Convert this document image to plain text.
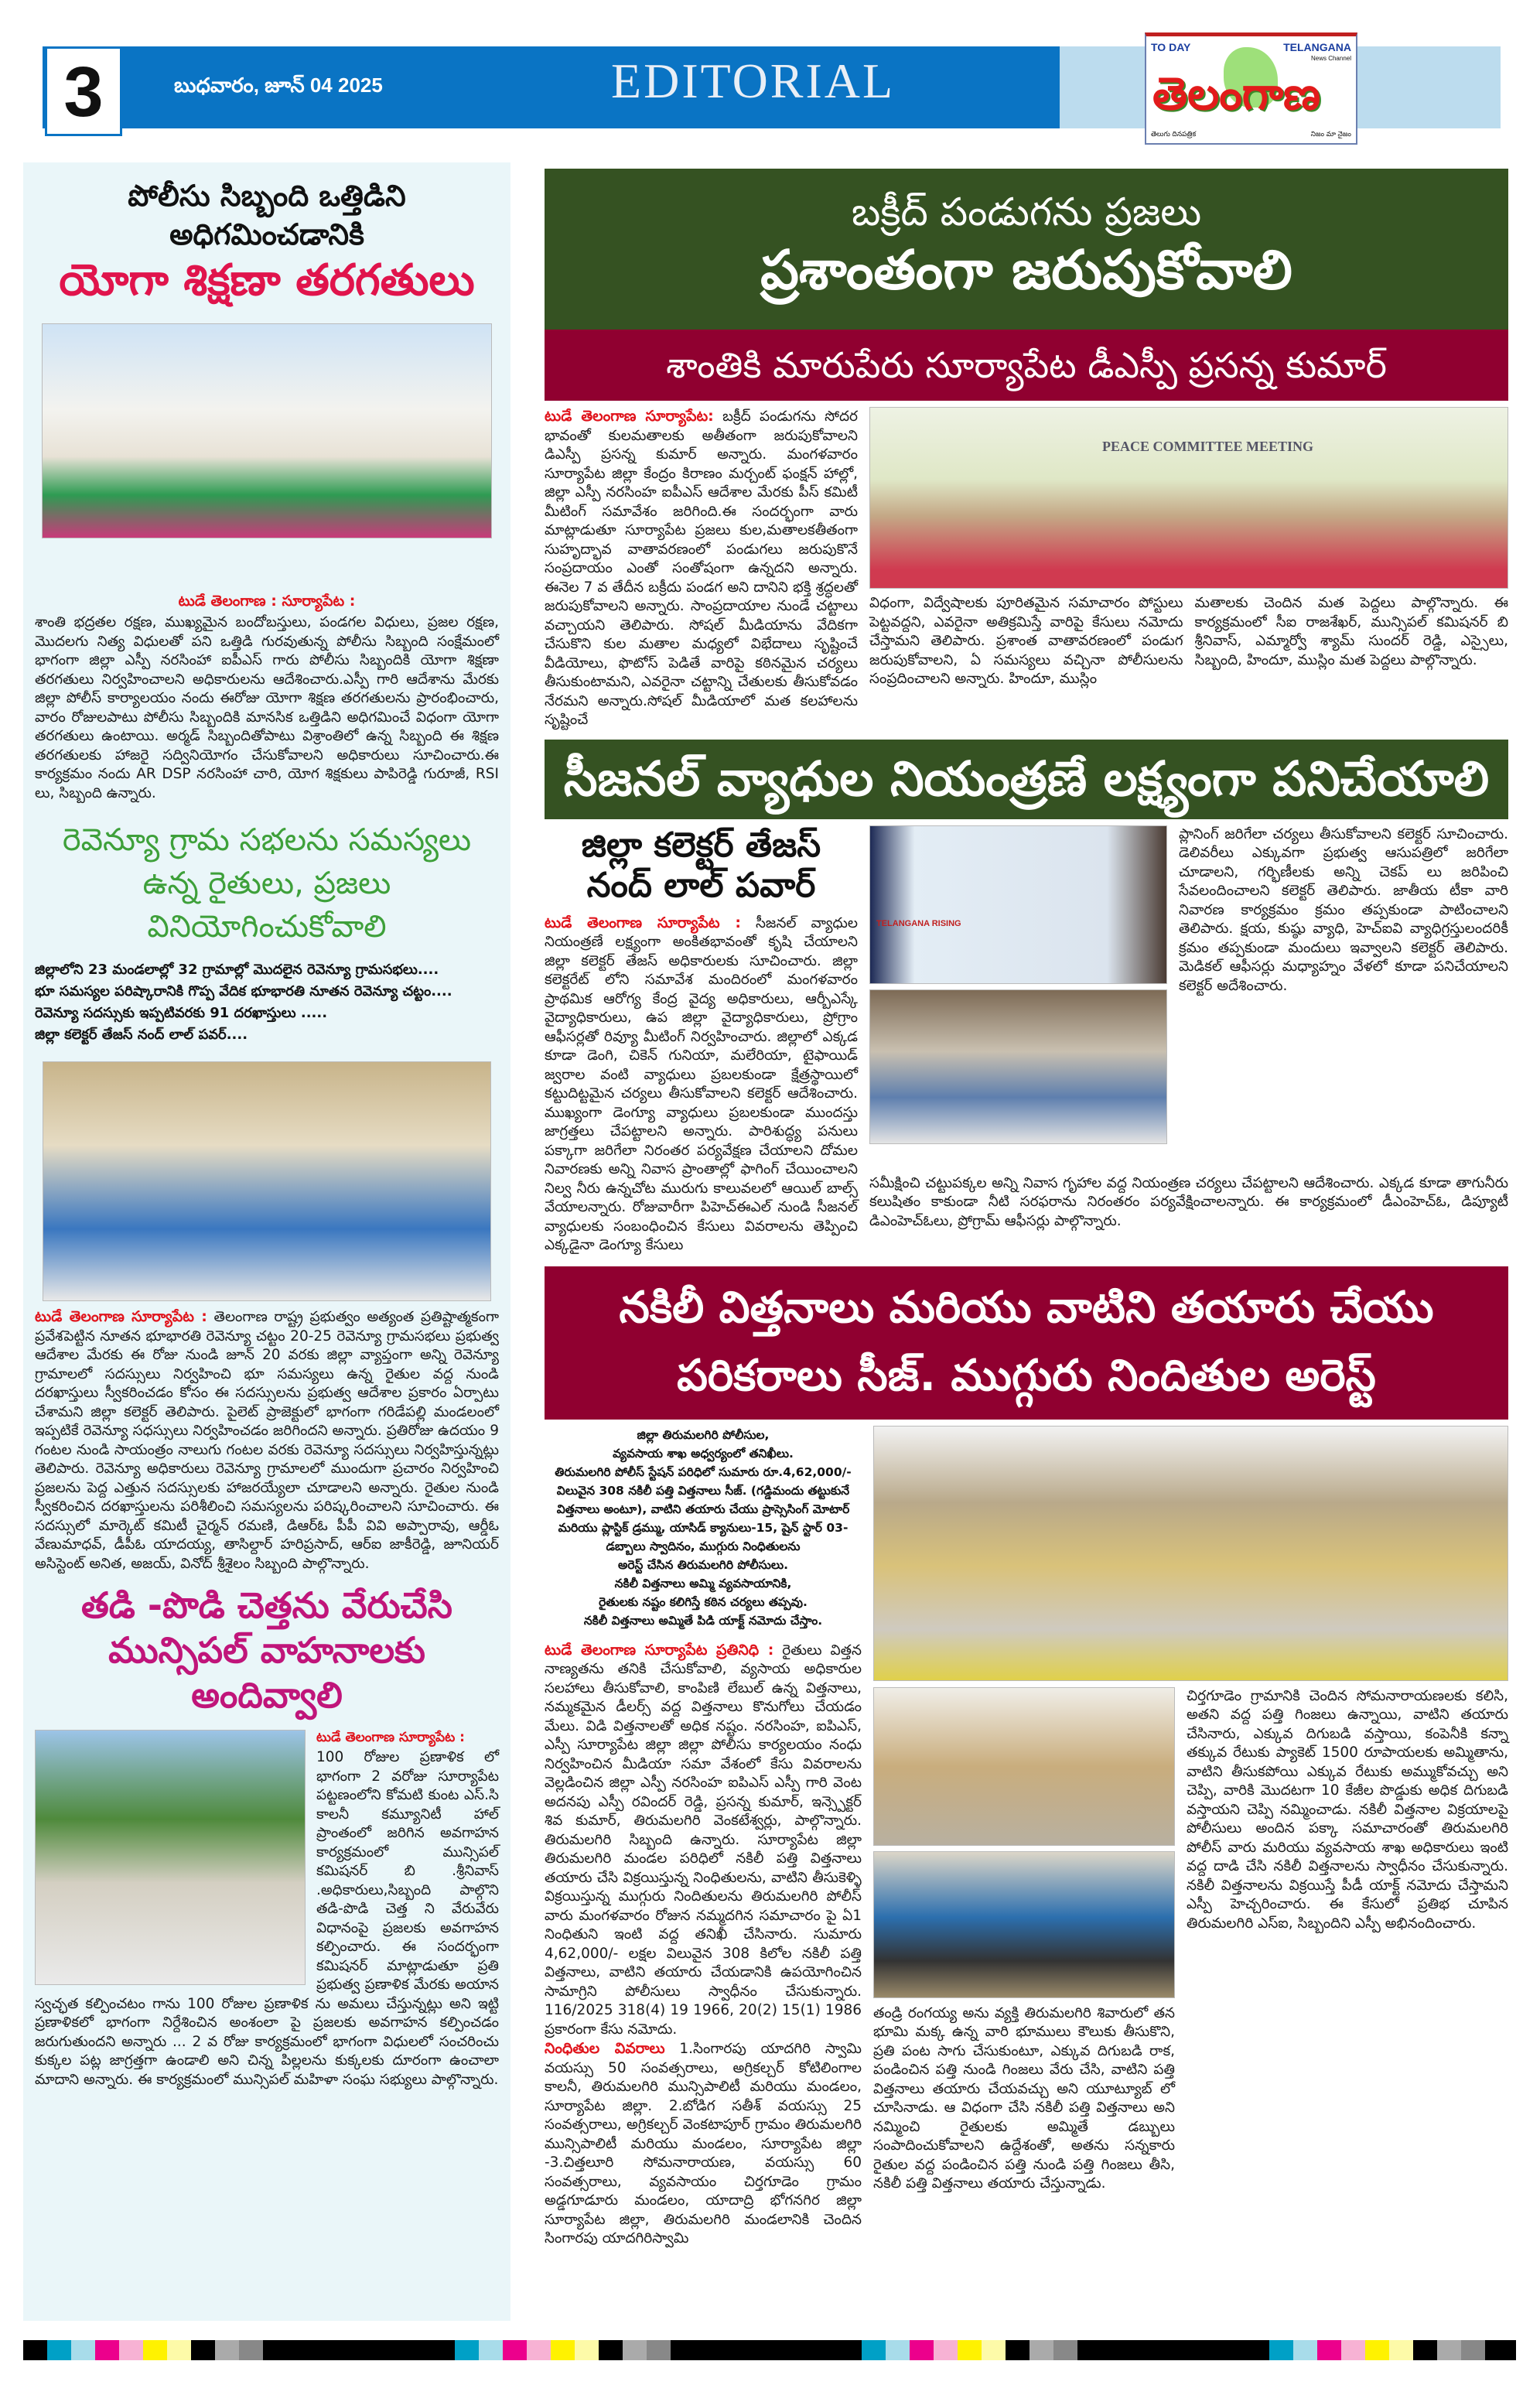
3	బుధవారం, జూన్ 04 2025	EDITORIAL
TO DAY	TELANGANA
News Channel
తెలంగాణ
తెలుగు దినపత్రిక	నిజం మా నైజం
పోలీసు సిబ్బంది ఒత్తిడిని అధిగమించడానికి
యోగా శిక్షణా తరగతులు
టుడే తెలంగాణ : సూర్యాపేట :
శాంతి భద్రతల రక్షణ, ముఖ్యమైన బందోబస్తులు, పండగల విధులు, ప్రజల రక్షణ, మొదలగు నిత్య విధులతో పని ఒత్తిడి గురవుతున్న పోలీసు సిబ్బంది సంక్షేమంలో భాగంగా జిల్లా ఎస్పీ నరసింహా ఐపీఎస్ గారు పోలీసు సిబ్బందికి యోగా శిక్షణా తరగతులు నిర్వహించాలని అధికారులను ఆదేశించారు.ఎస్పీ గారి ఆదేశాను మేరకు జిల్లా పోలీస్ కార్యాలయం నందు ఈరోజు యోగా శిక్షణ తరగతులను ప్రారంభించారు, వారం రోజులపాటు పోలీసు సిబ్బందికి మానసిక ఒత్తిడిని అధిగమించే విధంగా యోగా తరగతులు ఉంటాయి. అర్మడ్ సిబ్బందితోపాటు విశ్రాంతిలో ఉన్న సిబ్బంది ఈ శిక్షణ తరగతులకు హాజరై సద్వినియోగం చేసుకోవాలని అధికారులు సూచించారు.ఈ కార్యక్రమం నందు AR DSP నరసింహా చారి, యోగ శిక్షకులు పాపిరెడ్డి గురూజీ, RSI లు, సిబ్బంది ఉన్నారు.
రెవెన్యూ గ్రామ సభలను సమస్యలు ఉన్న రైతులు, ప్రజలు వినియోగించుకోవాలి
జిల్లాలోని 23 మండలాల్లో 32 గ్రామాల్లో మొదలైన రెవెన్యూ గ్రామసభలు....
భూ సమస్యల పరిష్కారానికి గొప్ప వేదిక భూభారతి నూతన రెవెన్యూ చట్టం....
రెవెన్యూ సదస్సుకు ఇప్పటివరకు 91 దరఖాస్తులు .....
జిల్లా కలెక్టర్ తేజస్ నంద్ లాల్ పవర్....
టుడే తెలంగాణ సూర్యాపేట : తెలంగాణ రాష్ట్ర ప్రభుత్వం అత్యంత ప్రతిష్టాత్మకంగా ప్రవేశపెట్టిన నూతన భూభారతి రెవెన్యూ చట్టం 20-25 రెవెన్యూ గ్రామసభలు ప్రభుత్వ ఆదేశాల మేరకు ఈ రోజు నుండి జూన్ 20 వరకు జిల్లా వ్యాప్తంగా అన్ని రెవెన్యూ గ్రామాలలో సదస్సులు నిర్వహించి భూ సమస్యలు ఉన్న రైతుల వద్ద నుండి దరఖాస్తులు స్వీకరించడం కోసం ఈ సదస్సులను ప్రభుత్వ ఆదేశాల ప్రకారం ఏర్పాటు చేశామని జిల్లా కలెక్టర్ తెలిపారు. పైలెట్ ప్రాజెక్టులో భాగంగా గరిడేపల్లి మండలంలో ఇప్పటికే రెవెన్యూ సధస్సులు నిర్వహించడం జరిగిందని అన్నారు. ప్రతిరోజు ఉదయం 9 గంటల నుండి సాయంత్రం నాలుగు గంటల వరకు రెవెన్యూ సదస్సులు నిర్వహిస్తున్నట్లు తెలిపారు. రెవెన్యూ అధికారులు రెవెన్యూ గ్రామాలలో ముందుగా ప్రచారం నిర్వహించి ప్రజలను పెద్ద ఎత్తున సదస్సులకు హాజరయ్యేలా చూడాలని అన్నారు. రైతుల నుండి స్వీకరించిన దరఖాస్తులను పరిశీలించి సమస్యలను పరిష్కరించాలని సూచించారు. ఈ సదస్సులో మార్కెట్ కమిటీ చైర్మన్ రమణి, డిఆర్ఓ పీపీ వివి అప్పారావు, ఆర్డీఓ వేణుమాధవ్, డీపీఓ యాదయ్య, తాసిల్దార్ హరిప్రసాద్, ఆర్ఐ జాకీరెడ్డి, జూనియర్ అసిస్టెంట్ అనిత, అజయ్, వినోద్ శ్రీశైలం సిబ్బంది పాల్గొన్నారు.
తడి -పొడి చెత్తను వేరుచేసి మున్సిపల్ వాహనాలకు అందివ్వాలి
టుడే తెలంగాణ సూర్యాపేట :
100 రోజుల ప్రణాళిక లో భాగంగా 2 వరోజు సూర్యాపేట పట్టణంలోని కోమటి కుంట ఎస్.సి కాలనీ కమ్యూనిటీ హాల్ ప్రాంతంలో జరిగిన అవగాహన కార్యక్రమంలో మున్సిపల్ కమిషనర్ బి .శ్రీనివాస్ .అధికారులు,సిబ్బంది పాల్గొని తడి-పొడి చెత్త ని వేరువేరు విధానంపై ప్రజలకు అవగాహన కల్పించారు. ఈ సందర్భంగా కమిషనర్ మాట్లాడుతూ ప్రతి ప్రభుత్వ ప్రణాళిక మేరకు అయాన స్వచ్ఛత కల్పించటం గాను 100 రోజుల ప్రణాళిక ను అమలు చేస్తున్నట్లు అని ఇట్టి ప్రణాళికలో భాగంగా నిర్దేశించిన అంశంలా పై ప్రజలకు అవగాహన కల్పించడం జరుగుతుందని అన్నారు ... 2 వ రోజు కార్యక్రమంలో భాగంగా విధులలో సంచరించు కుక్కల పట్ల జాగ్రత్తగా ఉండాలి అని చిన్న పిల్లలను కుక్కలకు దూరంగా ఉంచాలా మాదాని అన్నారు. ఈ కార్యక్రమంలో మున్సిపల్ మహిళా సంఘ సభ్యులు పాల్గొన్నారు.
బక్రీద్ పండుగను ప్రజలు
ప్రశాంతంగా జరుపుకోవాలి
శాంతికి మారుపేరు సూర్యాపేట డీఎస్పీ ప్రసన్న కుమార్
టుడే తెలంగాణ సూర్యాపేట: బక్రీద్ పండుగను సోదర భావంతో కులమతాలకు అతీతంగా జరుపుకోవాలని డిఎస్పీ ప్రసన్న కుమార్ అన్నారు. మంగళవారం సూర్యాపేట జిల్లా కేంద్రం కిరాణం మర్చంట్ ఫంక్షన్ హాల్లో, జిల్లా ఎస్పీ నరసింహ ఐపీఎస్ ఆదేశాల మేరకు పీస్ కమిటీ మీటింగ్ సమావేశం జరిగింది.ఈ సందర్భంగా వారు మాట్లాడుతూ సూర్యాపేట ప్రజలు కుల,మతాలకతీతంగా సుహృద్భావ వాతావరణంలో పండుగలు జరుపుకొనే సంప్రదాయం ఎంతో సంతోషంగా ఉన్నదని అన్నారు. ఈనెల 7 వ తేదీన బక్రీదు పండగ అని దానిని భక్తి శ్రద్ధలతో జరుపుకోవాలని అన్నారు. సాంప్రదాయాల నుండే చట్టాలు వచ్చాయని తెలిపారు. సోషల్ మీడియాను వేదికగా చేసుకొని కుల మతాల మధ్యలో విభేదాలు సృష్టించే వీడియోలు, ఫొటోస్ పెడితే వారిపై కఠినమైన చర్యలు తీసుకుంటామని, ఎవరైనా చట్టాన్ని చేతులకు తీసుకోవడం నేరమని అన్నారు.సోషల్ మీడియాలో మత కలహాలను సృష్టించే
PEACE COMMITTEE MEETING
విధంగా, విద్వేషాలకు పూరితమైన సమాచారం పోస్టులు పెట్టవద్దని, ఎవరైనా అతిక్రమిస్తే వారిపై కేసులు నమోదు చేస్తామని తెలిపారు. ప్రశాంత వాతావరణంలో పండుగ జరుపుకోవాలని, ఏ సమస్యలు వచ్చినా పోలీసులను సంప్రదించాలని అన్నారు. హిందూ, ముస్లిం
మతాలకు చెందిన మత పెద్దలు పాల్గొన్నారు. ఈ కార్యక్రమంలో సీఐ రాజశేఖర్, మున్సిపల్ కమిషనర్ బి శ్రీనివాస్, ఎమ్మార్వో శ్యామ్ సుందర్ రెడ్డి, ఎస్సైలు, సిబ్బంది, హిందూ, ముస్లిం మత పెద్దలు పాల్గొన్నారు.
సీజనల్ వ్యాధుల నియంత్రణే లక్ష్యంగా పనిచేయాలి
జిల్లా కలెక్టర్ తేజస్ నంద్ లాల్ పవార్
టుడే తెలంగాణ సూర్యాపేట : సీజనల్ వ్యాధుల నియంత్రణే లక్ష్యంగా అంకితభావంతో కృషి చేయాలని జిల్లా కలెక్టర్ తేజస్ అధికారులకు సూచించారు. జిల్లా కలెక్టరేట్ లోని సమావేశ మందిరంలో మంగళవారం ప్రాథమిక ఆరోగ్య కేంద్ర వైద్య అధికారులు, ఆర్బీఎస్కే వైద్యాధికారులు, ఉప జిల్లా వైద్యాధికారులు, ప్రోగ్రాం ఆఫీసర్లతో రివ్యూ మీటింగ్ నిర్వహించారు. జిల్లాలో ఎక్కడ కూడా డెంగి, చికెన్ గునియా, మలేరియా, టైఫాయిడ్ జ్వరాల వంటి వ్యాధులు ప్రబలకుండా క్షేత్రస్థాయిలో కట్టుదిట్టమైన చర్యలు తీసుకోవాలని కలెక్టర్ ఆదేశించారు. ముఖ్యంగా డెంగ్యూ వ్యాధులు ప్రబలకుండా ముందస్తు జాగ్రత్తలు చేపట్టాలని అన్నారు. పారిశుద్ధ్య పనులు పక్కాగా జరిగేలా నిరంతర పర్యవేక్షణ చేయాలని దోమల నివారణకు అన్ని నివాస ప్రాంతాల్లో ఫాగింగ్ చేయించాలని నిల్వ నీరు ఉన్నచోట మురుగు కాలువలలో ఆయిల్ బాల్స్ వేయాలన్నారు. రోజువారీగా పిహెచ్ఈఎల్ నుండి సీజనల్ వ్యాధులకు సంబంధించిన కేసులు వివరాలను తెప్పించి ఎక్కడైనా డెంగ్యూ కేసులు
TELANGANA RISING
ప్లానింగ్ జరిగేలా చర్యలు తీసుకోవాలని కలెక్టర్ సూచించారు. డెలివరీలు ఎక్కువగా ప్రభుత్వ ఆసుపత్రిలో జరిగేలా చూడాలని, గర్భిణీలకు అన్ని చెకప్ లు జరిపించి సేవలందించాలని కలెక్టర్ తెలిపారు. జాతీయ టీకా వారి నివారణ కార్యక్రమం క్రమం తప్పకుండా పాటించాలని తెలిపారు. క్షయ, కుష్ఠు వ్యాధి, హెచ్ఐవి వ్యాధిగ్రస్తులందరికీ క్రమం తప్పకుండా మందులు ఇవ్వాలని కలెక్టర్ తెలిపారు. మెడికల్ ఆఫీసర్లు మధ్యాహ్నం వేళలో కూడా పనిచేయాలని కలెక్టర్ అదేశించారు.
సమీక్షించి చట్టుపక్కల అన్ని నివాస గృహాల వద్ద నియంత్రణ చర్యలు చేపట్టాలని ఆదేశించారు. ఎక్కడ కూడా తాగునీరు కలుషితం కాకుండా నీటి సరఫరాను నిరంతరం పర్యవేక్షించాలన్నారు. ఈ కార్యక్రమంలో డీఎంహెచ్ఓ, డిప్యూటీ డిఎంహెచ్ఓలు, ప్రోగ్రామ్ ఆఫీసర్లు పాల్గొన్నారు.
నకిలీ విత్తనాలు మరియు వాటిని తయారు చేయు పరికరాలు సీజ్. ముగ్గురు నిందితుల అరెస్ట్
జిల్లా తిరుమలగిరి పోలీసుల,
వ్యవసాయ శాఖ అధ్వర్యంలో తనిఖీలు.
తిరుమలగిరి పోలీస్ స్టేషన్ పరిధిలో సుమారు రూ.4,62,000/- విలువైన 308 నకిలీ పత్తి విత్తనాలు సీజ్. (గడ్డిమందు తట్టుకునే విత్తనాలు అంటూ), వాటిని తయారు చేయు ప్రాస్సెసింగ్ మోటార్ మరియు ప్లాస్టిక్ డ్రమ్ము, యాసిడ్ క్యానులు-15, షైన్ స్టార్ 03-డబ్బాలు స్వాదినం, ముగ్గురు నింధితులను
అరెస్ట్ చేసిన తిరుమలగిరి పోలీసులు.
నకిలీ విత్తనాలు అమ్మి వ్యవసాయానికి,
రైతులకు నష్టం కలిగిస్తే కఠిన చర్యలు తప్పవు.
నకిలీ విత్తనాలు అమ్మితే పిడి యాక్ట్ నమోదు చేస్తాం.
టుడే తెలంగాణ సూర్యాపేట ప్రతినిధి : రైతులు విత్తన నాణ్యతను తనికి చేసుకోవాలి, వ్యసాయ అధికారుల సలహాలు తీసుకోవాలి, కాంపిణి లేబుల్ ఉన్న విత్తనాలు, నమ్మకమైన డీలర్స్ వద్ద విత్తనాలు కొనుగోలు చేయడం మేలు. విడి విత్తనాలతో అధిక నష్టం. నరసింహ, ఐపిఎస్, ఎస్పీ సూర్యాపేట జిల్లా జిల్లా పోలీసు కార్యలయం నంధు నిర్వహించిన మీడియా సమా వేశంలో కేసు వివరాలను వెల్లడించిన జిల్లా ఎస్పీ నరసింహ ఐపిఎస్ ఎస్పీ గారి వెంట అదనపు ఎస్పీ రవిందర్ రెడ్డి, ప్రసన్న కుమార్, ఇన్స్పెక్టర్ శివ కుమార్, తిరుమలగిరి వెంకటేశ్వర్లు, పాల్గొన్నారు. తిరుమలగిరి సిబ్బంది ఉన్నారు. సూర్యాపేట జిల్లా తిరుమలగిరి మండల పరిధిలో నకిలీ పత్తి విత్తనాలు తయారు చేసి విక్రయిస్తున్న నింధితులను, వాటిని తీసుకెళ్ళి విక్రయిస్తున్న ముగ్గురు నిందితులను తిరుమలగిరి పోలీస్ వారు మంగళవారం రోజున నమ్మదగిన సమాచారం పై ఏ1 నింధితుని ఇంటి వద్ద తనిఖీ చేసినారు. సుమారు 4,62,000/- లక్షల విలువైన 308 కిలోల నకిలీ పత్తి విత్తనాలు, వాటిని తయారు చేయడానికి ఉపయోగించిన సామాగ్రిని పోలీసులు స్వాధీనం చేసుకున్నారు. 116/2025 318(4) 19 1966, 20(2) 15(1) 1986 ప్రకారంగా కేసు నమోదు.
నింధితుల వివరాలు 1.సింగారపు యాదగిరి స్వామి వయస్సు 50 సంవత్సరాలు, అగ్రికల్చర్ కోటిలింగాల కాలనీ, తిరుమలగిరి మున్సిపాలిటీ మరియు మండలం, సూర్యాపేట జిల్లా. 2.బోడిగ సతీశ్ వయస్సు 25 సంవత్సరాలు, అగ్రికల్చర్ వెంకటాపూర్ గ్రామం తిరుమలగిరి మున్సిపాలిటీ మరియు మండలం, సూర్యాపేట జిల్లా -3.చిత్తలూరి సోమనారాయణ, వయస్సు 60 సంవత్సరాలు, వ్యవసాయం చిర్తగూడెం గ్రామం అడ్డగూడూరు మండలం, యాదాద్రి భోగనగిర జిల్లా సూర్యాపేట జిల్లా, తిరుమలగిరి మండలానికి చెందిన సింగారపు యాదగిరిస్వామి
తండ్రి రంగయ్య అను వ్యక్తి తిరుమలగిరి శివారులో తన భూమి మక్క ఉన్న వారి భూములు కౌలుకు తీసుకొని, ప్రతి పంట సాగు చేసుకుంటూ, ఎక్కువ దిగుబడి రాక, పండించిన పత్తి నుండి గింజలు వేరు చేసి, వాటిని పత్తి విత్తనాలు తయారు చేయవచ్చు అని యూట్యూబ్ లో చూసినాడు. ఆ విధంగా చేసి నకిలీ పత్తి విత్తనాలు అని నమ్మించి రైతులకు అమ్మితే డబ్బులు సంపాదించుకోవాలని ఉద్దేశంతో, అతను సన్నకారు రైతుల వద్ద పండించిన పత్తి నుండి పత్తి గింజలు తీసి, నకిలీ పత్తి విత్తనాలు తయారు చేస్తున్నాడు.
చిర్తగూడెం గ్రామానికి చెందిన సోమనారాయణలకు కలిసి, అతని వద్ద పత్తి గింజలు ఉన్నాయి, వాటిని తయారు చేసినారు, ఎక్కువ దిగుబడి వస్తాయి, కంపెనీకి కన్నా తక్కువ రేటుకు ప్యాకెట్ 1500 రూపాయలకు అమ్మితాను, వాటిని తీసుకపోయి ఎక్కువ రేటుకు అమ్ముకోవచ్చు అని చెప్పి, వారికి మొదటగా 10 కేజీల పొడ్డుకు అధిక దిగుబడి వస్తాయని చెప్పి నమ్మించాడు. నకిలీ విత్తనాల విక్రయాలపై పోలీసులు అందిన పక్కా సమాచారంతో తిరుమలగిరి పోలీస్ వారు మరియు వ్యవసాయ శాఖ అధికారులు ఇంటి వద్ద దాడి చేసి నకిలీ విత్తనాలను స్వాధీనం చేసుకున్నారు. నకిలీ విత్తనాలను విక్రయిస్తే పీడీ యాక్ట్ నమోదు చేస్తామని ఎస్పీ హెచ్చరించారు. ఈ కేసులో ప్రతిభ చూపిన తిరుమలగిరి ఎస్ఐ, సిబ్బందిని ఎస్పీ అభినందించారు.
